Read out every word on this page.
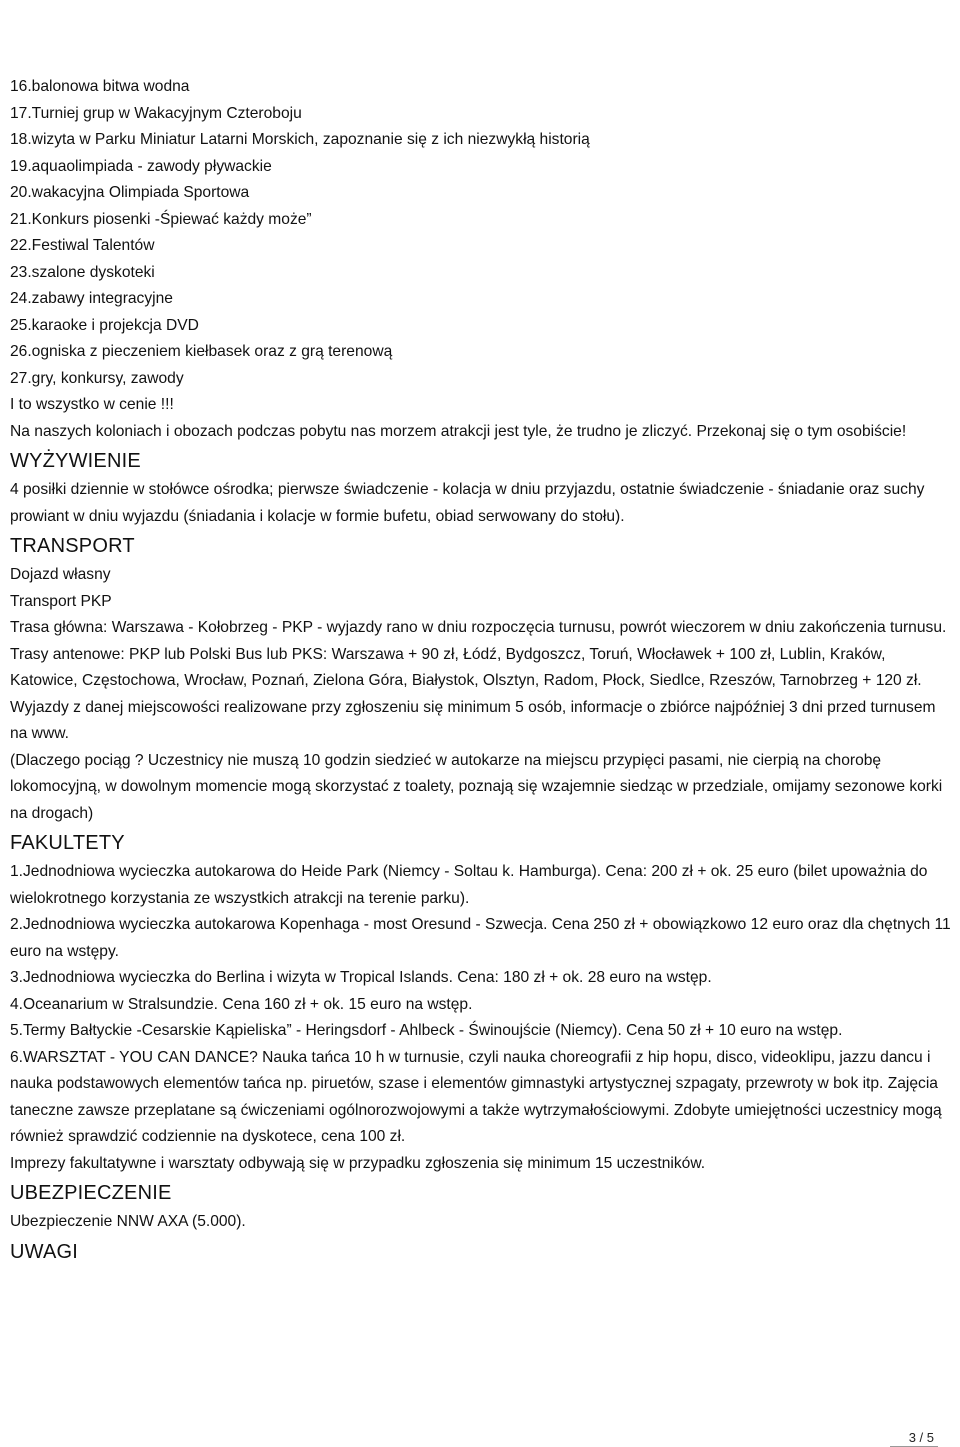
16.balonowa bitwa wodna

17.Turniej grup w Wakacyjnym Czteroboju

18.wizyta w Parku Miniatur Latarni Morskich, zapoznanie się z ich niezwykłą historią

19.aquaolimpiada - zawody pływackie

20.wakacyjna Olimpiada Sportowa

21.Konkurs piosenki -Śpiewać każdy może”

22.Festiwal Talentów

23.szalone dyskoteki

24.zabawy integracyjne

25.karaoke i projekcja DVD

26.ogniska z pieczeniem kiełbasek oraz z grą terenową

27.gry, konkursy, zawody

I to wszystko w cenie !!!

Na naszych koloniach i obozach podczas pobytu nas morzem atrakcji jest tyle, że trudno je zliczyć. Przekonaj się o tym osobiście!

WYŻYWIENIE

4 posiłki dziennie w stołówce ośrodka; pierwsze świadczenie - kolacja w dniu przyjazdu, ostatnie świadczenie - śniadanie oraz suchy prowiant w dniu wyjazdu (śniadania i kolacje w formie bufetu, obiad serwowany do stołu).

TRANSPORT

Dojazd własny

Transport PKP

Trasa główna: Warszawa - Kołobrzeg - PKP - wyjazdy rano w dniu rozpoczęcia turnusu, powrót wieczorem w dniu zakończenia turnusu.

Trasy antenowe: PKP lub Polski Bus lub PKS: Warszawa + 90 zł, Łódź, Bydgoszcz, Toruń, Włocławek + 100 zł, Lublin, Kraków, Katowice, Częstochowa, Wrocław, Poznań, Zielona Góra, Białystok, Olsztyn, Radom, Płock, Siedlce, Rzeszów, Tarnobrzeg + 120 zł.

Wyjazdy z danej miejscowości realizowane przy zgłoszeniu się minimum 5 osób, informacje o zbiórce najpóźniej 3 dni przed turnusem na www.

(Dlaczego pociąg ? Uczestnicy nie muszą 10 godzin siedzieć w autokarze na miejscu przypięci pasami, nie cierpią na chorobę lokomocyjną, w dowolnym momencie mogą skorzystać z toalety, poznają się wzajemnie siedząc w przedziale, omijamy sezonowe korki na drogach)

FAKULTETY

1.Jednodniowa wycieczka autokarowa do Heide Park (Niemcy - Soltau k. Hamburga). Cena: 200 zł + ok. 25 euro (bilet upoważnia do wielokrotnego korzystania ze wszystkich atrakcji na terenie parku).

2.Jednodniowa wycieczka autokarowa Kopenhaga - most Oresund - Szwecja. Cena 250 zł + obowiązkowo 12 euro oraz dla chętnych 11 euro na wstępy.

3.Jednodniowa wycieczka do Berlina i wizyta w Tropical Islands. Cena: 180 zł + ok. 28 euro na wstęp.

4.Oceanarium w Stralsundzie. Cena 160 zł + ok. 15 euro na wstęp.

5.Termy Bałtyckie -Cesarskie Kąpieliska” - Heringsdorf - Ahlbeck - Świnoujście (Niemcy). Cena 50 zł + 10 euro na wstęp.

6.WARSZTAT - YOU CAN DANCE? Nauka tańca 10 h w turnusie, czyli nauka choreografii z hip hopu, disco, videoklipu, jazzu dancu i nauka podstawowych elementów tańca np. piruetów, szase i elementów gimnastyki artystycznej szpagaty, przewroty w bok itp. Zajęcia taneczne zawsze przeplatane są ćwiczeniami ogólnorozwojowymi a także wytrzymałościowymi. Zdobyte umiejętności uczestnicy mogą również sprawdzić codziennie na dyskotece, cena 100 zł.

Imprezy fakultatywne i warsztaty odbywają się w przypadku zgłoszenia się minimum 15 uczestników.

UBEZPIECZENIE

Ubezpieczenie NNW AXA (5.000).

UWAGI
3 / 5
